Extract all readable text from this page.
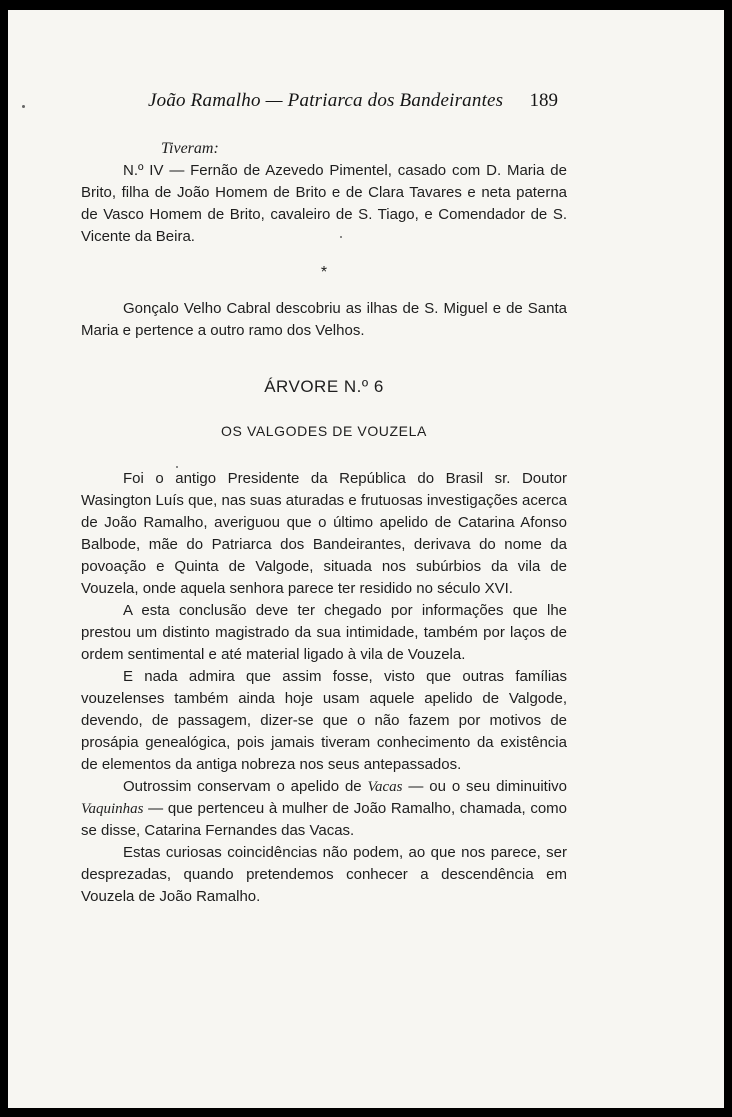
João Ramalho — Patriarca dos Bandeirantes 189

Tiveram:

N.º IV — Fernão de Azevedo Pimentel, casado com D. Maria de Brito, filha de João Homem de Brito e de Clara Tavares e neta paterna de Vasco Homem de Brito, cavaleiro de S. Tiago, e Comendador de S. Vicente da Beira.

*

Gonçalo Velho Cabral descobriu as ilhas de S. Miguel e de Santa Maria e pertence a outro ramo dos Velhos.

ÁRVORE N.º 6

OS VALGODES DE VOUZELA

Foi o antigo Presidente da República do Brasil sr. Doutor Wasington Luís que, nas suas aturadas e frutuosas investigações acerca de João Ramalho, averiguou que o último apelido de Catarina Afonso Balbode, mãe do Patriarca dos Bandeirantes, derivava do nome da povoação e Quinta de Valgode, situada nos subúrbios da vila de Vouzela, onde aquela senhora parece ter residido no século XVI.

A esta conclusão deve ter chegado por informações que lhe prestou um distinto magistrado da sua intimidade, também por laços de ordem sentimental e até material ligado à vila de Vouzela.

E nada admira que assim fosse, visto que outras famílias vouzelenses também ainda hoje usam aquele apelido de Valgode, devendo, de passagem, dizer-se que o não fazem por motivos de prosápia genealógica, pois jamais tiveram conhecimento da existência de elementos da antiga nobreza nos seus antepassados.

Outrossim conservam o apelido de Vacas — ou o seu diminuitivo Vaquinhas — que pertenceu à mulher de João Ramalho, chamada, como se disse, Catarina Fernandes das Vacas.

Estas curiosas coincidências não podem, ao que nos parece, ser desprezadas, quando pretendemos conhecer a descendência em Vouzela de João Ramalho.
